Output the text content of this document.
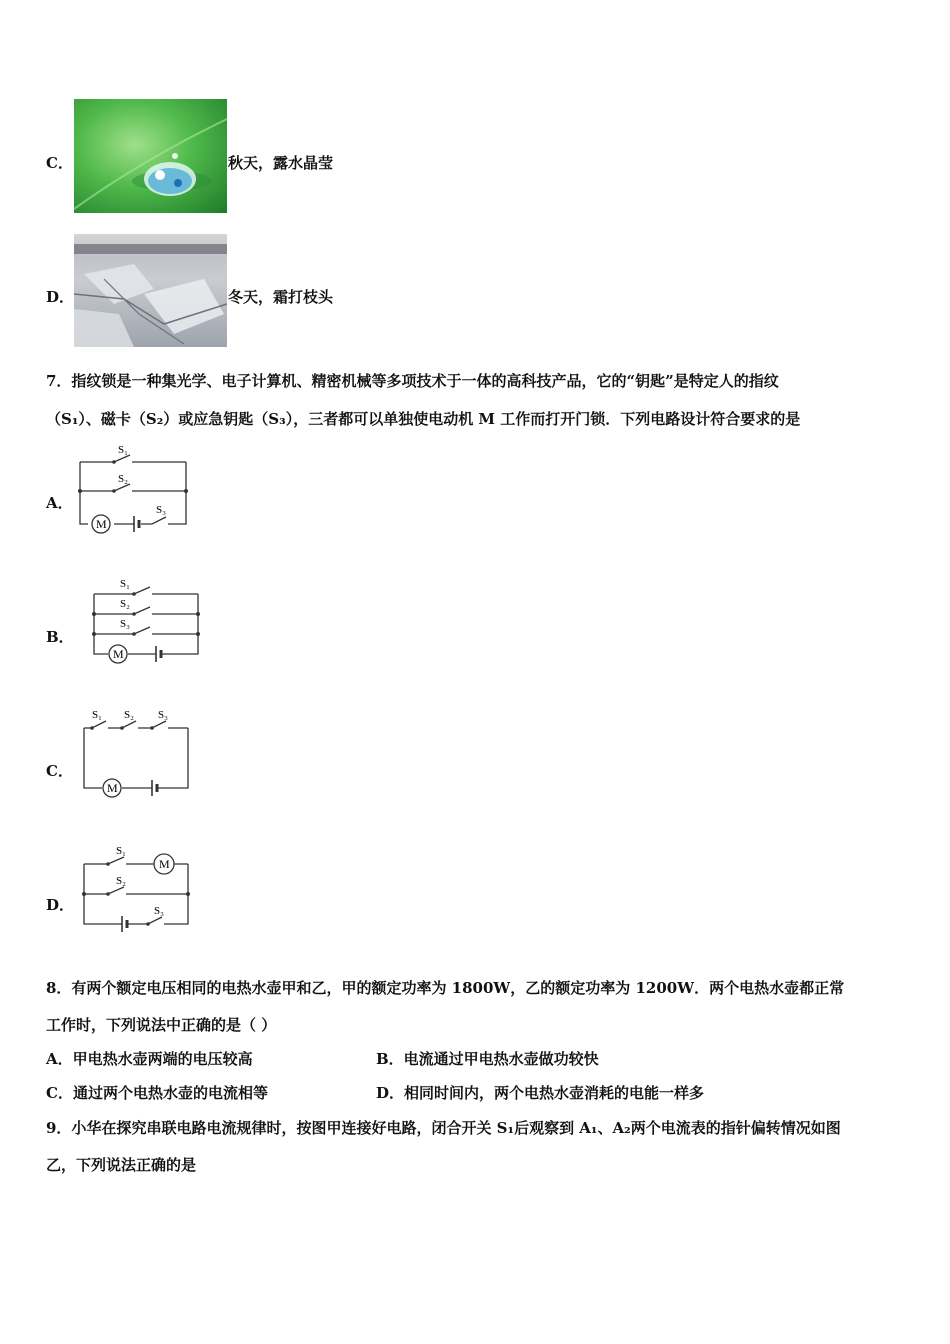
C．	秋天，露水晶莹
D．	冬天，霜打枝头
7．指纹锁是一种集光学、电子计算机、精密机械等多项技术于一体的高科技产品，它的“钥匙”是特定人的指纹
（S₁）、磁卡（S₂）或应急钥匙（S₃），三者都可以单独使电动机 M 工作而打开门锁．下列电路设计符合要求的是
A．
M
S₁
S₂
S₃
B．
M
S₁
S₂
S₃
C．
M
S₁ S₂ S₃
D．
M
S₁
S₂
S₃
8．有两个额定电压相同的电热水壶甲和乙，甲的额定功率为 1800W，乙的额定功率为 1200W．两个电热水壶都正常
工作时，下列说法中正确的是（ ）
A．甲电热水壶两端的电压较高	B．电流通过甲电热水壶做功较快
C．通过两个电热水壶的电流相等	D．相同时间内，两个电热水壶消耗的电能一样多
9．小华在探究串联电路电流规律时，按图甲连接好电路，闭合开关 S₁后观察到 A₁、A₂两个电流表的指针偏转情况如图
乙，下列说法正确的是
